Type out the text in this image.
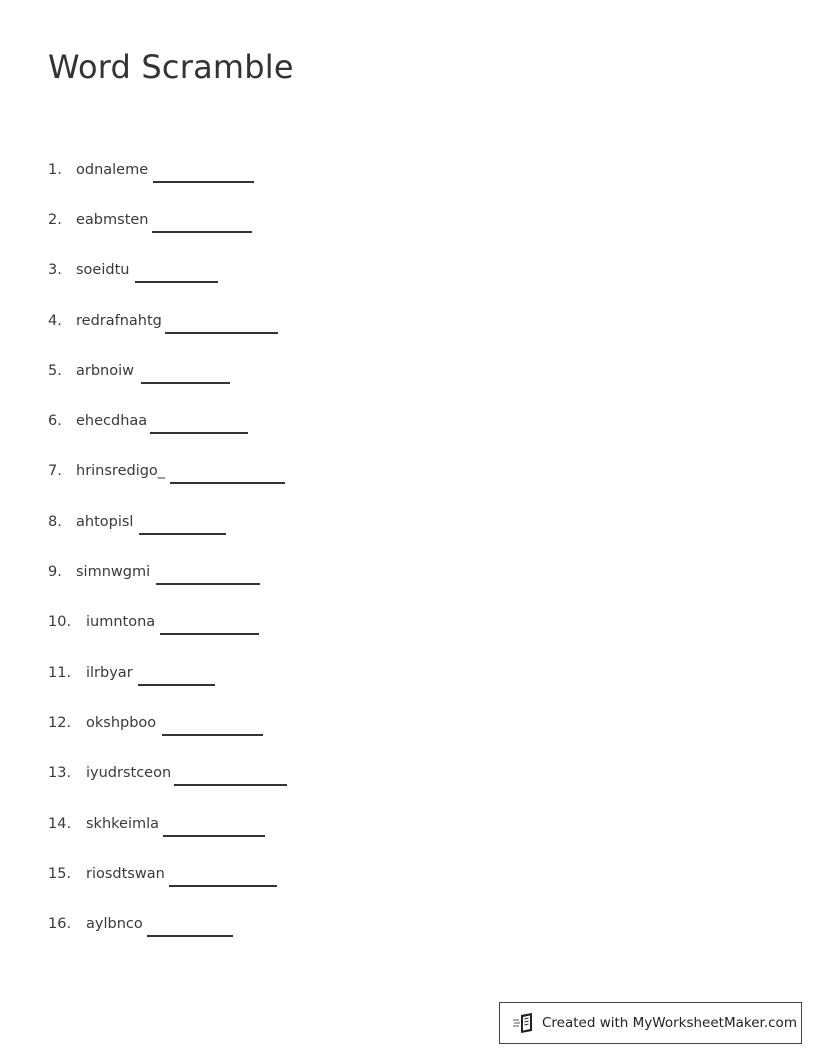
Word Scramble
1. odnaleme
2. eabmsten
3. soeidtu
4. redrafnahtg
5. arbnoiw
6. ehecdhaa
7. hrinsredigo_
8. ahtopisl
9. simnwgmi
10. iumntona
11. ilrbyar
12. okshpboo
13. iyudrstceon
14. skhkeimla
15. riosdtswan
16. aylbnco
Created with MyWorksheetMaker.com
